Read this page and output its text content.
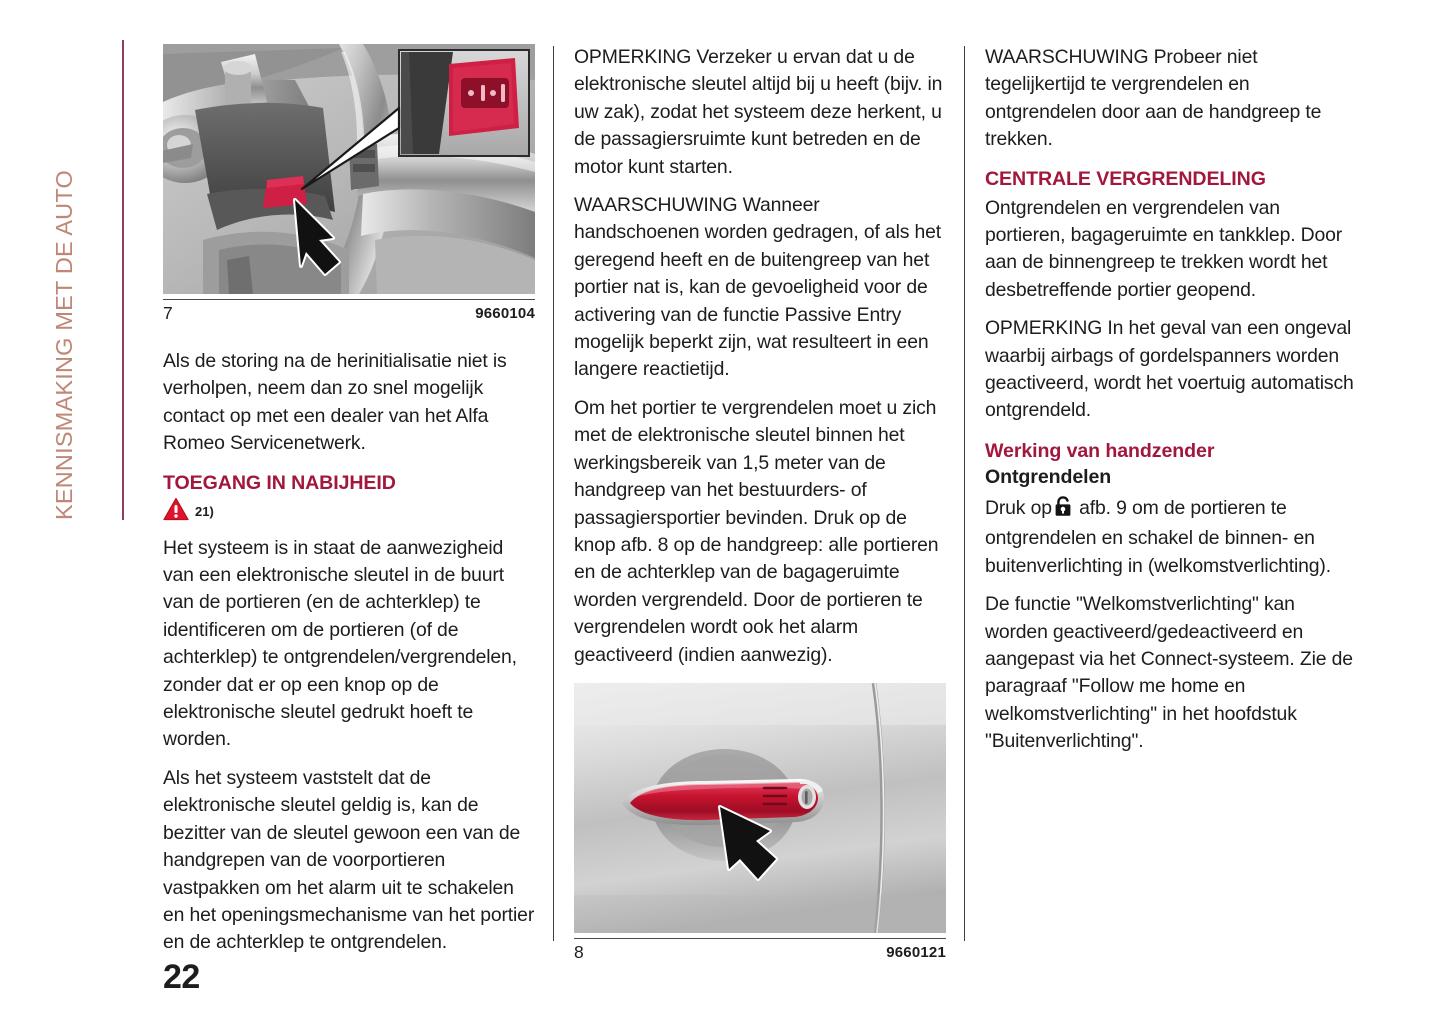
KENNISMAKING MET DE AUTO	7	9660104

Als de storing na de herinitialisatie niet is verholpen, neem dan zo snel mogelijk contact op met een dealer van het Alfa Romeo Servicenetwerk.

TOEGANG IN NABIJHEID
21)

Het systeem is in staat de aanwezigheid van een elektronische sleutel in de buurt van de portieren (en de achterklep) te identificeren om de portieren (of de achterklep) te ontgrendelen/vergrendelen, zonder dat er op een knop op de elektronische sleutel gedrukt hoeft te worden.

Als het systeem vaststelt dat de elektronische sleutel geldig is, kan de bezitter van de sleutel gewoon een van de handgrepen van de voorportieren vastpakken om het alarm uit te schakelen en het openingsmechanisme van het portier en de achterklep te ontgrendelen.

OPMERKING Verzeker u ervan dat u de elektronische sleutel altijd bij u heeft (bijv. in uw zak), zodat het systeem deze herkent, u de passagiersruimte kunt betreden en de motor kunt starten.

WAARSCHUWING Wanneer handschoenen worden gedragen, of als het geregend heeft en de buitengreep van het portier nat is, kan de gevoeligheid voor de activering van de functie Passive Entry mogelijk beperkt zijn, wat resulteert in een langere reactietijd.

Om het portier te vergrendelen moet u zich met de elektronische sleutel binnen het werkingsbereik van 1,5 meter van de handgreep van het bestuurders- of passagiersportier bevinden. Druk op de knop afb. 8 op de handgreep: alle portieren en de achterklep van de bagageruimte worden vergrendeld. Door de portieren te vergrendelen wordt ook het alarm geactiveerd (indien aanwezig).

8	9660121

WAARSCHUWING Probeer niet tegelijkertijd te vergrendelen en ontgrendelen door aan de handgreep te trekken.

CENTRALE VERGRENDELING

Ontgrendelen en vergrendelen van portieren, bagageruimte en tankklep. Door aan de binnengreep te trekken wordt het desbetreffende portier geopend.

OPMERKING In het geval van een ongeval waarbij airbags of gordelspanners worden geactiveerd, wordt het voertuig automatisch ontgrendeld.

Werking van handzender
Ontgrendelen

Druk op afb. 9 om de portieren te ontgrendelen en schakel de binnen- en buitenverlichting in (welkomstverlichting).

De functie "Welkomstverlichting" kan worden geactiveerd/gedeactiveerd en aangepast via het Connect-systeem. Zie de paragraaf "Follow me home en welkomstverlichting" in het hoofdstuk "Buitenverlichting".

22
